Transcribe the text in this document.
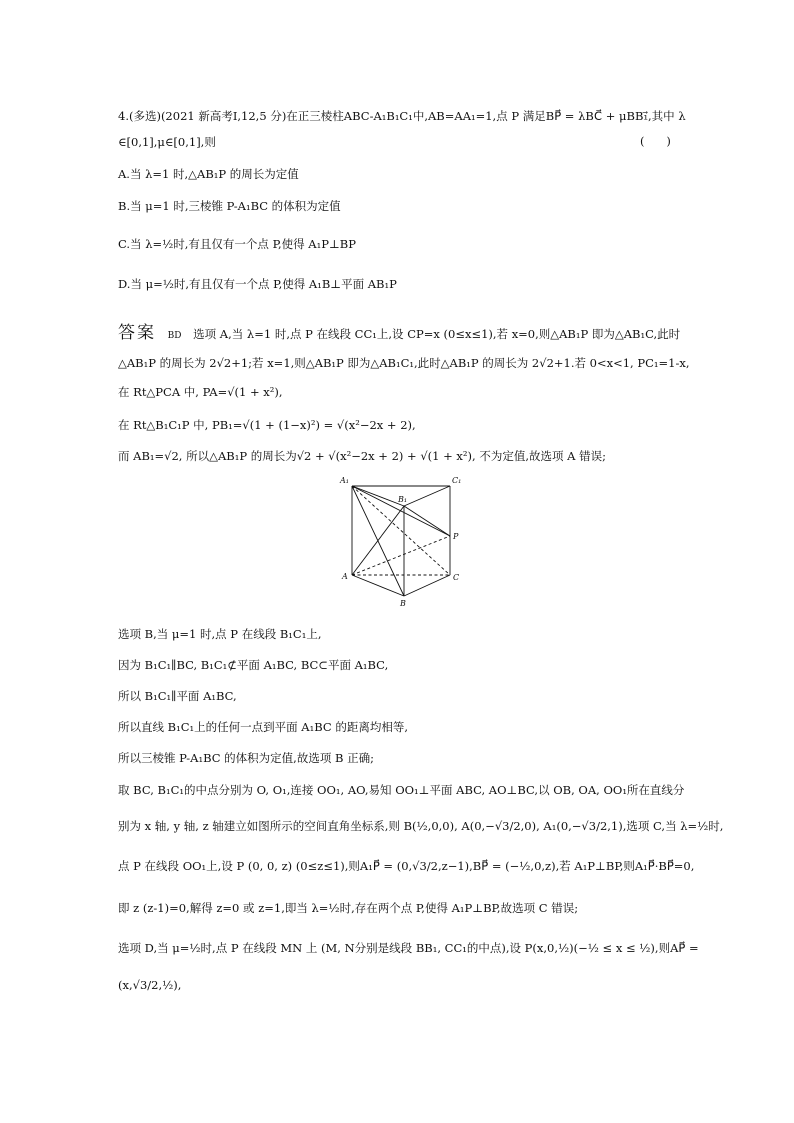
4.(多选)(2021 新高考Ⅰ,12,5 分)在正三棱柱ABC-A₁B₁C₁中,AB=AA₁=1,点 P 满足BP⃗ = λBC⃗ + μBB₁⃗,其中 λ
∈[0,1],μ∈[0,1],则	(      )
A.当 λ=1 时,△AB₁P 的周长为定值
B.当 μ=1 时,三棱锥 P-A₁BC 的体积为定值
C.当 λ=½时,有且仅有一个点 P,使得 A₁P⊥BP
D.当 μ=½时,有且仅有一个点 P,使得 A₁B⊥平面 AB₁P
答案 BD 选项 A,当 λ=1 时,点 P 在线段 CC₁上,设 CP=x (0≤x≤1),若 x=0,则△AB₁P 即为△AB₁C,此时
△AB₁P 的周长为 2√2+1;若 x=1,则△AB₁P 即为△AB₁C₁,此时△AB₁P 的周长为 2√2+1.若 0<x<1, PC₁=1-x,
在 Rt△PCA 中, PA=√(1 + x²),
在 Rt△B₁C₁P 中, PB₁=√(1 + (1−x)²) = √(x²−2x + 2),
而 AB₁=√2, 所以△AB₁P 的周长为√2 + √(x²−2x + 2) + √(1 + x²), 不为定值,故选项 A 错误;
A₁
B₁
C₁
P
A	C
B
选项 B,当 μ=1 时,点 P 在线段 B₁C₁上,
因为 B₁C₁∥BC, B₁C₁⊄平面 A₁BC, BC⊂平面 A₁BC,
所以 B₁C₁∥平面 A₁BC,
所以直线 B₁C₁上的任何一点到平面 A₁BC 的距离均相等,
所以三棱锥 P-A₁BC 的体积为定值,故选项 B 正确;
取 BC, B₁C₁的中点分别为 O, O₁,连接 OO₁, AO,易知 OO₁⊥平面 ABC, AO⊥BC,以 OB, OA, OO₁所在直线分
别为 x 轴, y 轴, z 轴建立如图所示的空间直角坐标系,则 B(½,0,0), A(0,−√3/2,0), A₁(0,−√3/2,1),选项 C,当 λ=½时,
点 P 在线段 OO₁上,设 P (0, 0, z) (0≤z≤1),则A₁P⃗ = (0,√3/2,z−1),BP⃗ = (−½,0,z),若 A₁P⊥BP,则A₁P⃗·BP⃗=0,
即 z (z-1)=0,解得 z=0 或 z=1,即当 λ=½时,存在两个点 P,使得 A₁P⊥BP,故选项 C 错误;
选项 D,当 μ=½时,点 P 在线段 MN 上 (M, N分别是线段 BB₁, CC₁的中点),设 P(x,0,½)(−½ ≤ x ≤ ½),则AP⃗ =
(x,√3/2,½),
